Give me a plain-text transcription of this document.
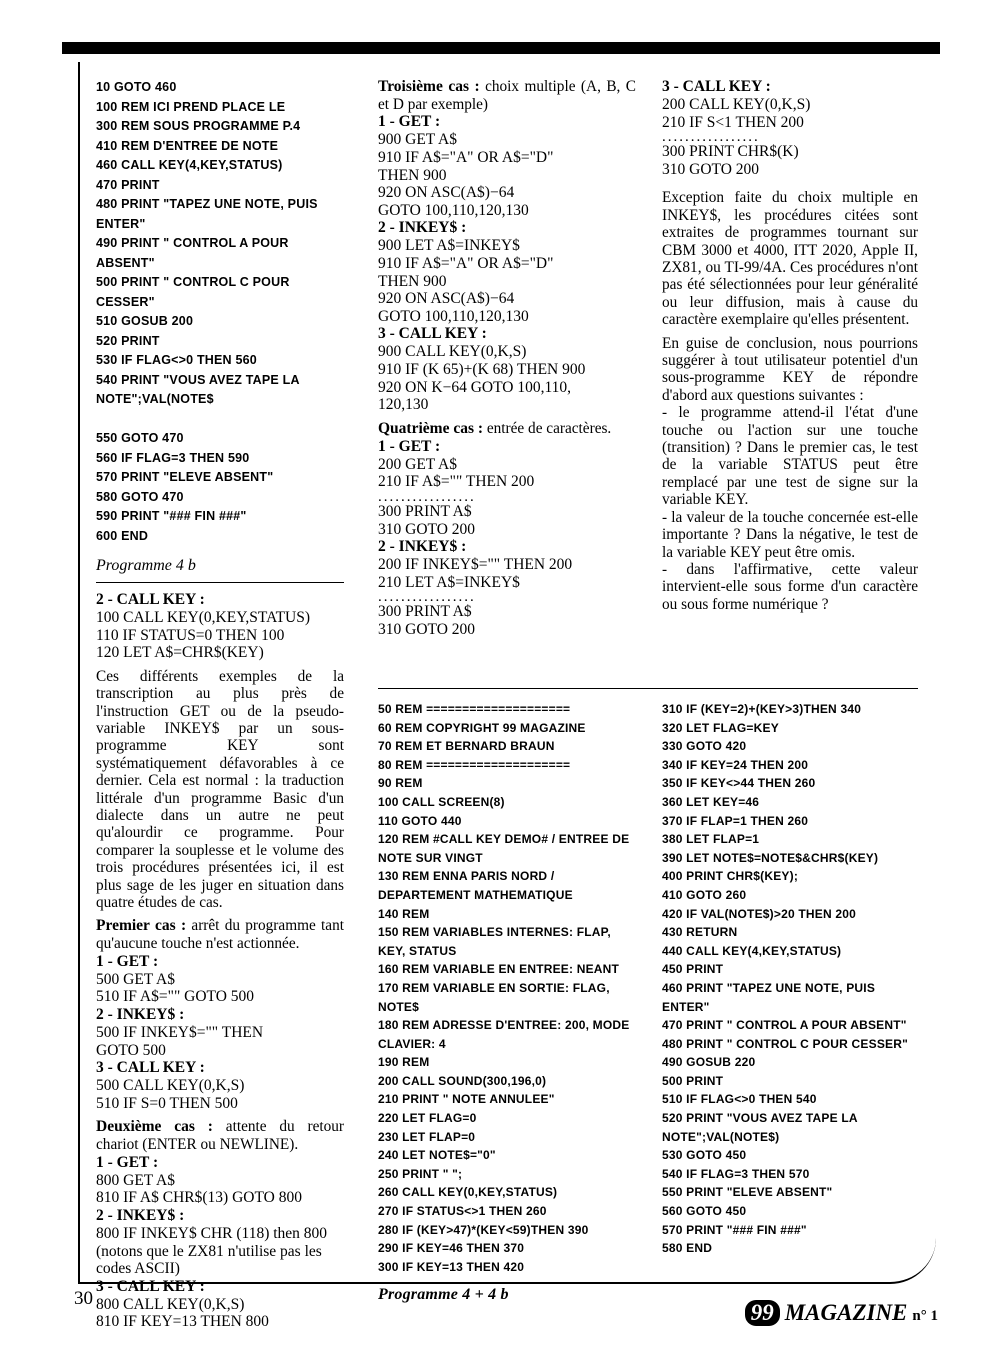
10 GOTO 460

100 REM ICI PREND PLACE LE

300 REM SOUS PROGRAMME P.4

410 REM D'ENTREE DE NOTE

460 CALL KEY(4,KEY,STATUS)

470 PRINT

480 PRINT "TAPEZ UNE NOTE, PUIS ENTER"

490 PRINT " CONTROL A POUR ABSENT"

500 PRINT " CONTROL C POUR CESSER"

510 GOSUB 200

520 PRINT

530 IF FLAG<>0 THEN 560

540 PRINT "VOUS AVEZ TAPE LA NOTE";VAL(NOTE$

550 GOTO 470

560 IF FLAG=3 THEN 590

570 PRINT "ELEVE ABSENT"

580 GOTO 470

590 PRINT "### FIN ###"

600 END

Programme 4 b
2 - CALL KEY :

100 CALL KEY(0,KEY,STATUS)

110 IF STATUS=0 THEN 100

120 LET A$=CHR$(KEY)

Ces différents exemples de la transcription au plus près de l'instruction GET ou de la pseudo-variable INKEY$ par un sous-programme KEY sont systématiquement défavorables à ce dernier. Cela est normal : la traduction littérale d'un programme Basic d'un dialecte dans un autre ne peut qu'alourdir ce programme. Pour comparer la souplesse et le volume des trois procédures présentées ici, il est plus sage de les juger en situation dans quatre études de cas.
Premier cas : arrêt du programme tant qu'aucune touche n'est actionnée.
1 - GET :

500 GET A$

510 IF A$="" GOTO 500

2 - INKEY$ :

500 IF INKEY$="" THEN

GOTO 500

3 - CALL KEY :

500 CALL KEY(0,K,S)

510 IF S=0 THEN 500

Deuxième cas : attente du retour chariot (ENTER ou NEWLINE).
1 - GET :

800 GET A$

810 IF A$ CHR$(13) GOTO 800

2 - INKEY$ :

800 IF INKEY$ CHR (118) then 800

(notons que le ZX81 n'utilise pas les codes ASCII)

3 - CALL KEY :

800 CALL KEY(0,K,S)

810 IF KEY=13 THEN 800

Troisième cas : choix multiple (A, B, C et D par exemple)
1 - GET :

900 GET A$

910 IF A$="A" OR A$="D"

THEN 900

920 ON ASC(A$)−64

GOTO 100,110,120,130

2 - INKEY$ :

900 LET A$=INKEY$

910 IF A$="A" OR A$="D"

THEN 900

920 ON ASC(A$)−64

GOTO 100,110,120,130

3 - CALL KEY :

900 CALL KEY(0,K,S)

910 IF (K 65)+(K 68) THEN 900

920 ON K−64 GOTO 100,110,

120,130

Quatrième cas : entrée de caractères.
1 - GET :

200 GET A$

210 IF A$="" THEN 200

.................

300 PRINT A$

310 GOTO 200

2 - INKEY$ :

200 IF INKEY$="" THEN 200

210 LET A$=INKEY$

.................

300 PRINT A$

310 GOTO 200

3 - CALL KEY :

200 CALL KEY(0,K,S)

210 IF S<1 THEN 200

.................

300 PRINT CHR$(K)

310 GOTO 200

Exception faite du choix multiple en INKEY$, les procédures citées sont extraites de programmes tournant sur CBM 3000 et 4000, ITT 2020, Apple II, ZX81, ou TI-99/4A. Ces procédures n'ont pas été sélectionnées pour leur généralité ou leur diffusion, mais à cause du caractère exemplaire qu'elles présentent.
En guise de conclusion, nous pourrions suggérer à tout utilisateur potentiel d'un sous-programme KEY de répondre d'abord aux questions suivantes :
- le programme attend-il l'état d'une touche ou l'action sur une touche (transition) ? Dans le premier cas, le test de la variable STATUS peut être remplacé par une test de signe sur la variable KEY.
- la valeur de la touche concernée est-elle importante ? Dans la négative, le test de la variable KEY peut être omis.
- dans l'affirmative, cette valeur intervient-elle sous forme d'un caractère ou sous forme numérique ?

50 REM ====================

60 REM COPYRIGHT 99 MAGAZINE

70 REM ET BERNARD BRAUN

80 REM ====================

90 REM

100 CALL SCREEN(8)

110 GOTO 440

120 REM #CALL KEY DEMO# / ENTREE DE NOTE SUR VINGT

130 REM ENNA PARIS NORD / DEPARTEMENT MATHEMATIQUE

140 REM

150 REM VARIABLES INTERNES: FLAP, KEY, STATUS

160 REM VARIABLE EN ENTREE: NEANT

170 REM VARIABLE EN SORTIE: FLAG, NOTE$

180 REM ADRESSE D'ENTREE: 200, MODE CLAVIER: 4

190 REM

200 CALL SOUND(300,196,0)

210 PRINT " NOTE ANNULEE"

220 LET FLAG=0

230 LET FLAP=0

240 LET NOTE$="0"

250 PRINT " ";

260 CALL KEY(0,KEY,STATUS)

270 IF STATUS<>1 THEN 260

280 IF (KEY>47)*(KEY<59)THEN 390

290 IF KEY=46 THEN 370

300 IF KEY=13 THEN 420

Programme 4 + 4 b

310 IF (KEY=2)+(KEY>3)THEN 340

320 LET FLAG=KEY

330 GOTO 420

340 IF KEY=24 THEN 200

350 IF KEY<>44 THEN 260

360 LET KEY=46

370 IF FLAP=1 THEN 260

380 LET FLAP=1

390 LET NOTE$=NOTE$&CHR$(KEY)

400 PRINT CHR$(KEY);

410 GOTO 260

420 IF VAL(NOTE$)>20 THEN 200

430 RETURN

440 CALL KEY(4,KEY,STATUS)

450 PRINT

460 PRINT "TAPEZ UNE NOTE, PUIS ENTER"

470 PRINT " CONTROL A POUR ABSENT"

480 PRINT " CONTROL C POUR CESSER"

490 GOSUB 220

500 PRINT

510 IF FLAG<>0 THEN 540

520 PRINT "VOUS AVEZ TAPE LA NOTE";VAL(NOTE$)

530 GOTO 450

540 IF FLAG=3 THEN 570

550 PRINT "ELEVE ABSENT"

560 GOTO 450

570 PRINT "### FIN ###"

580 END

30
99 MAGAZINE n° 1
